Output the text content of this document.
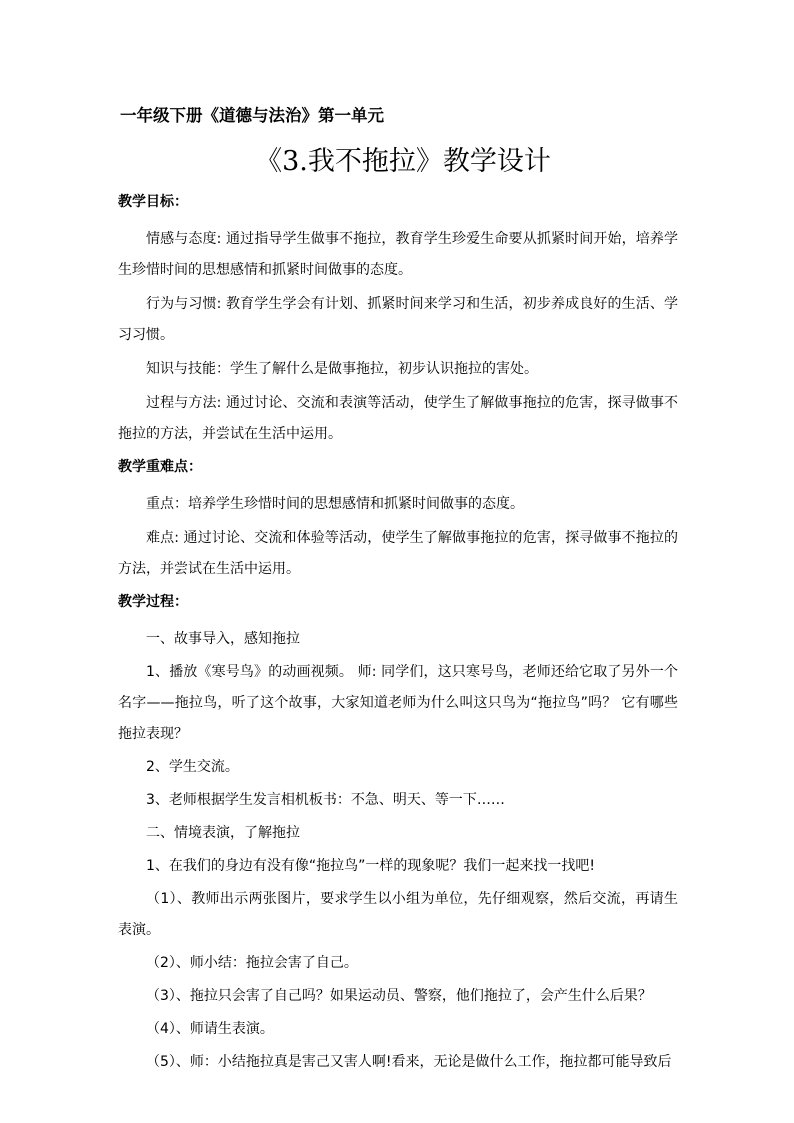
一年级下册《道德与法治》第一单元
《3.我不拖拉》教学设计
教学目标：

情感与态度: 通过指导学生做事不拖拉，教育学生珍爱生命要从抓紧时间开始，培养学生珍惜时间的思想感情和抓紧时间做事的态度。

行为与习惯: 教育学生学会有计划、抓紧时间来学习和生活，初步养成良好的生活、学习习惯。

知识与技能：学生了解什么是做事拖拉，初步认识拖拉的害处。

过程与方法: 通过讨论、交流和表演等活动，使学生了解做事拖拉的危害，探寻做事不拖拉的方法，并尝试在生活中运用。

教学重难点：

重点：培养学生珍惜时间的思想感情和抓紧时间做事的态度。

难点: 通过讨论、交流和体验等活动，使学生了解做事拖拉的危害，探寻做事不拖拉的方法，并尝试在生活中运用。

教学过程：

一、故事导入，感知拖拉

1、播放《寒号鸟》的动画视频。 师: 同学们，这只寒号鸟，老师还给它取了另外一个名字——拖拉鸟，听了这个故事，大家知道老师为什么叫这只鸟为“拖拉鸟”吗？ 它有哪些拖拉表现？

2、学生交流。

3、老师根据学生发言相机板书：不急、明天、等一下……

二、情境表演，了解拖拉

1、在我们的身边有没有像“拖拉鸟”一样的现象呢？我们一起来找一找吧!

（1）、教师出示两张图片，要求学生以小组为单位，先仔细观察，然后交流，再请生表演。

（2）、师小结：拖拉会害了自己。

（3）、拖拉只会害了自己吗？如果运动员、警察，他们拖拉了，会产生什么后果？

（4）、师请生表演。

（5）、师：小结拖拉真是害己又害人啊!看来，无论是做什么工作，拖拉都可能导致后
